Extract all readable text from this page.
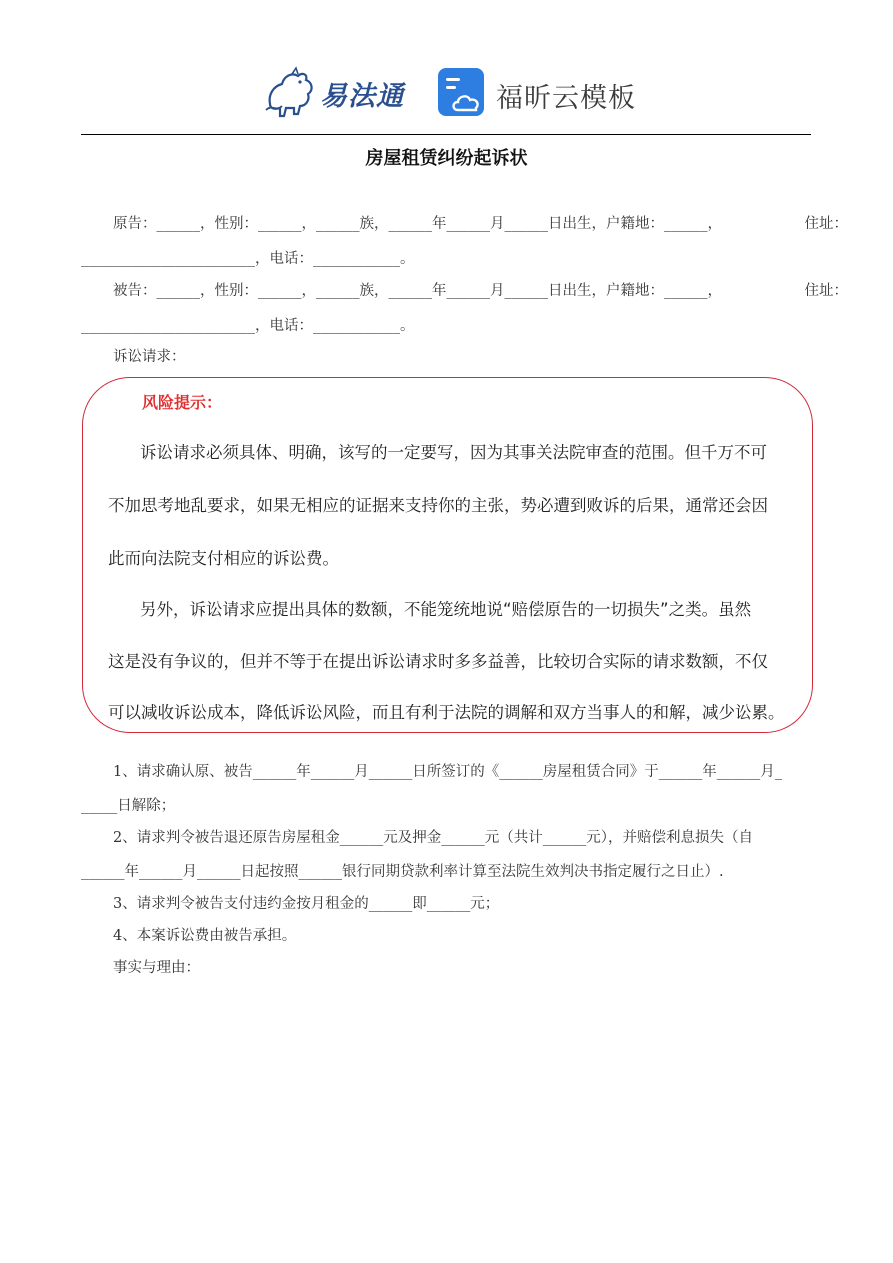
易法通	福昕云模板
房屋租赁纠纷起诉状
原告：______，性别：______，______族，______年______月______日出生，户籍地：______，	住址：
________________________，电话：____________。
被告：______，性别：______，______族，______年______月______日出生，户籍地：______，	住址：
________________________，电话：____________。
诉讼请求：
风险提示：
诉讼请求必须具体、明确，该写的一定要写，因为其事关法院审查的范围。但千万不可
不加思考地乱要求，如果无相应的证据来支持你的主张，势必遭到败诉的后果，通常还会因
此而向法院支付相应的诉讼费。
另外，诉讼请求应提出具体的数额，不能笼统地说“赔偿原告的一切损失”之类。虽然
这是没有争议的，但并不等于在提出诉讼请求时多多益善，比较切合实际的请求数额，不仅
可以减收诉讼成本，降低诉讼风险，而且有利于法院的调解和双方当事人的和解，减少讼累。
1、请求确认原、被告______年______月______日所签订的《______房屋租赁合同》于______年______月_
_____日解除；
2、请求判令被告退还原告房屋租金______元及押金______元（共计______元），并赔偿利息损失（自
______年______月______日起按照______银行同期贷款利率计算至法院生效判决书指定履行之日止）.
3、请求判令被告支付违约金按月租金的______即______元；
4、本案诉讼费由被告承担。
事实与理由：
